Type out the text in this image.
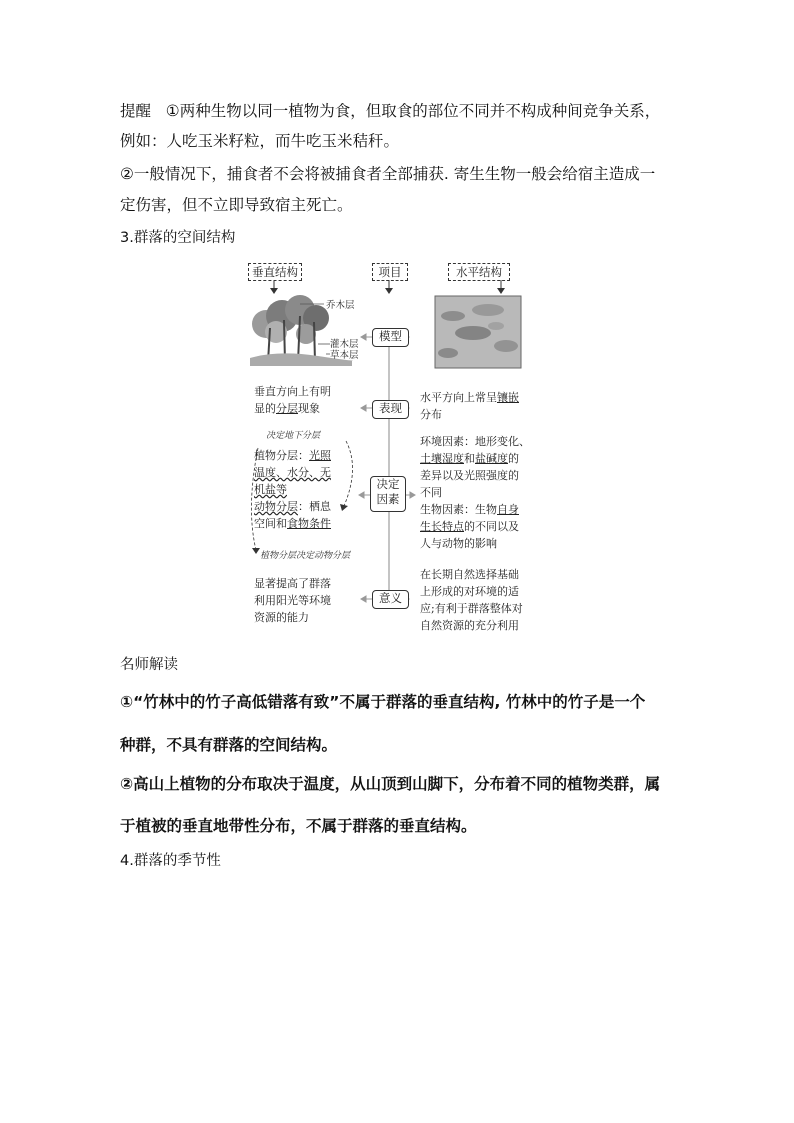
提醒 ①两种生物以同一植物为食，但取食的部位不同并不构成种间竞争关系，

例如：人吃玉米籽粒，而牛吃玉米秸秆。

②一般情况下，捕食者不会将被捕食者全部捕获. 寄生生物一般会给宿主造成一

定伤害，但不立即导致宿主死亡。

3.群落的空间结构

垂直结构	项目	水平结构
乔木层
灌木层
草本层
模型
表现
决定
因素
意义
垂直方向上有明
显的分层现象
决定地下分层
植物分层：光照
温度、水分、无
机盐等
动物分层：栖息
空间和食物条件
植物分层决定动物分层
显著提高了群落
利用阳光等环境
资源的能力
水平方向上常呈镶嵌
分布
环境因素：地形变化、
土壤湿度和盐碱度的
差异以及光照强度的
不同
生物因素：生物自身
生长特点的不同以及
人与动物的影响
在长期自然选择基础
上形成的对环境的适
应;有利于群落整体对
自然资源的充分利用

名师解读

①“竹林中的竹子高低错落有致”不属于群落的垂直结构, 竹林中的竹子是一个

种群，不具有群落的空间结构。

②高山上植物的分布取决于温度，从山顶到山脚下，分布着不同的植物类群，属

于植被的垂直地带性分布，不属于群落的垂直结构。

4.群落的季节性
